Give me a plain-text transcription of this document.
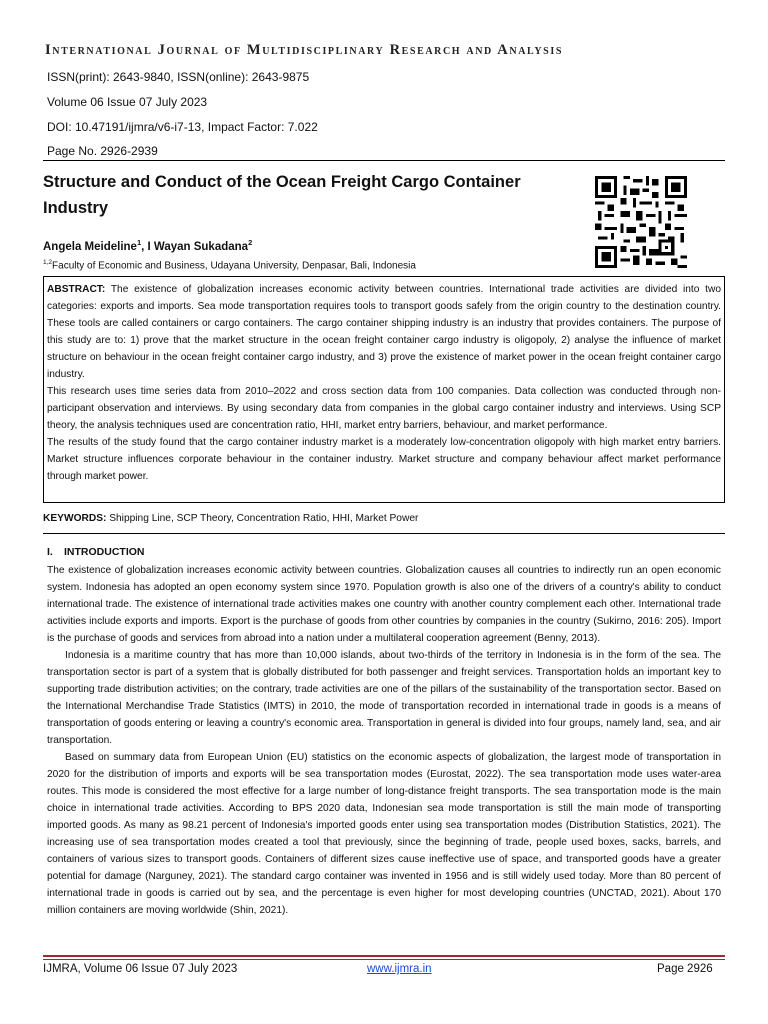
International Journal of Multidisciplinary Research and Analysis
ISSN(print): 2643-9840, ISSN(online): 2643-9875
Volume 06 Issue 07 July 2023
DOI: 10.47191/ijmra/v6-i7-13, Impact Factor: 7.022
Page No. 2926-2939
Structure and Conduct of the Ocean Freight Cargo Container Industry
Angela Meideline$^1$, I Wayan Sukadana$^2$
$^{1,2}$Faculty of Economic and Business, Udayana University, Denpasar, Bali, Indonesia

ABSTRACT: The existence of globalization increases economic activity between countries. International trade activities are divided into two categories: exports and imports. Sea mode transportation requires tools to transport goods safely from the origin country to the destination country. These tools are called containers or cargo containers. The cargo container shipping industry is an industry that provides containers. The purpose of this study are to: 1) prove that the market structure in the ocean freight container cargo industry is oligopoly, 2) analyse the influence of market structure on behaviour in the ocean freight container cargo industry, and 3) prove the existence of market power in the ocean freight container cargo industry.

This research uses time series data from 2010–2022 and cross section data from 100 companies. Data collection was conducted through non-participant observation and interviews. By using secondary data from companies in the global cargo container industry and interviews. Using SCP theory, the analysis techniques used are concentration ratio, HHI, market entry barriers, behaviour, and market performance.

The results of the study found that the cargo container industry market is a moderately low-concentration oligopoly with high market entry barriers. Market structure influences corporate behaviour in the container industry. Market structure and company behaviour affect market performance through market power.

KEYWORDS: Shipping Line, SCP Theory, Concentration Ratio, HHI, Market Power
I. INTRODUCTION

The existence of globalization increases economic activity between countries. Globalization causes all countries to indirectly run an open economic system. Indonesia has adopted an open economy system since 1970. Population growth is also one of the drivers of a country's ability to conduct international trade. The existence of international trade activities makes one country with another country complement each other. International trade activities include exports and imports. Export is the purchase of goods from other countries by companies in the country (Sukirno, 2016: 205). Import is the purchase of goods and services from abroad into a nation under a multilateral cooperation agreement (Benny, 2013).

Indonesia is a maritime country that has more than 10,000 islands, about two-thirds of the territory in Indonesia is in the form of the sea. The transportation sector is part of a system that is globally distributed for both passenger and freight services. Transportation holds an important key to supporting trade distribution activities; on the contrary, trade activities are one of the pillars of the sustainability of the transportation sector. Based on the International Merchandise Trade Statistics (IMTS) in 2010, the mode of transportation recorded in international trade in goods is a means of transportation of goods entering or leaving a country's economic area. Transportation in general is divided into four groups, namely land, sea, and air transportation.

Based on summary data from European Union (EU) statistics on the economic aspects of globalization, the largest mode of transportation in 2020 for the distribution of imports and exports will be sea transportation modes (Eurostat, 2022). The sea transportation mode uses water-area routes. This mode is considered the most effective for a large number of long-distance freight transports. The sea transportation mode is the main choice in international trade activities. According to BPS 2020 data, Indonesian sea mode transportation is still the main mode of transporting imported goods. As many as 98.21 percent of Indonesia's imported goods enter using sea transportation modes (Distribution Statistics, 2021). The increasing use of sea transportation modes created a tool that previously, since the beginning of trade, people used boxes, sacks, barrels, and containers of various sizes to transport goods. Containers of different sizes cause ineffective use of space, and transported goods have a greater potential for damage (Narguney, 2021). The standard cargo container was invented in 1956 and is still widely used today. More than 80 percent of international trade in goods is carried out by sea, and the percentage is even higher for most developing countries (UNCTAD, 2021). About 170 million containers are moving worldwide (Shin, 2021).

IJMRA, Volume 06 Issue 07 July 2023	www.ijmra.in	Page 2926
